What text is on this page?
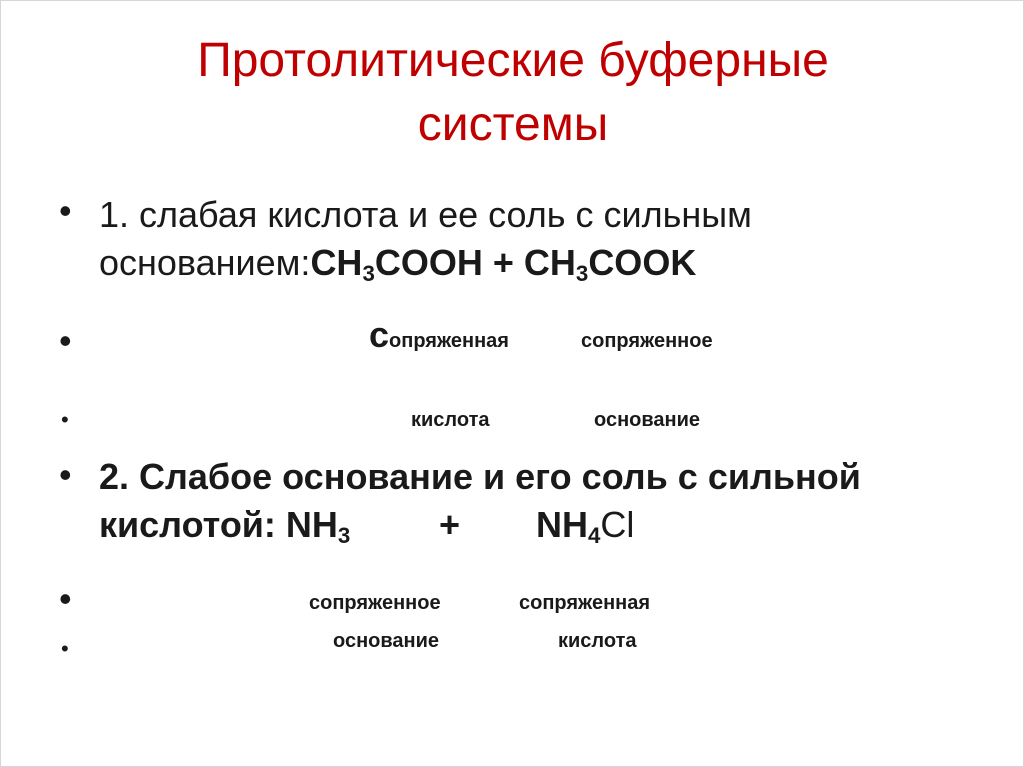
Протолитические буферные
системы
• 1. слабая кислота и ее соль с сильным
$основанием:CH_3COOH$ + $CH_3COOK$
•	сопряженная	сопряженное
•	кислота	основание
• 2. Слабое основание и его соль с сильной
кислотой: $NH_3 + NH_4Cl$
•	сопряженное	сопряженная
•	основание	кислота
